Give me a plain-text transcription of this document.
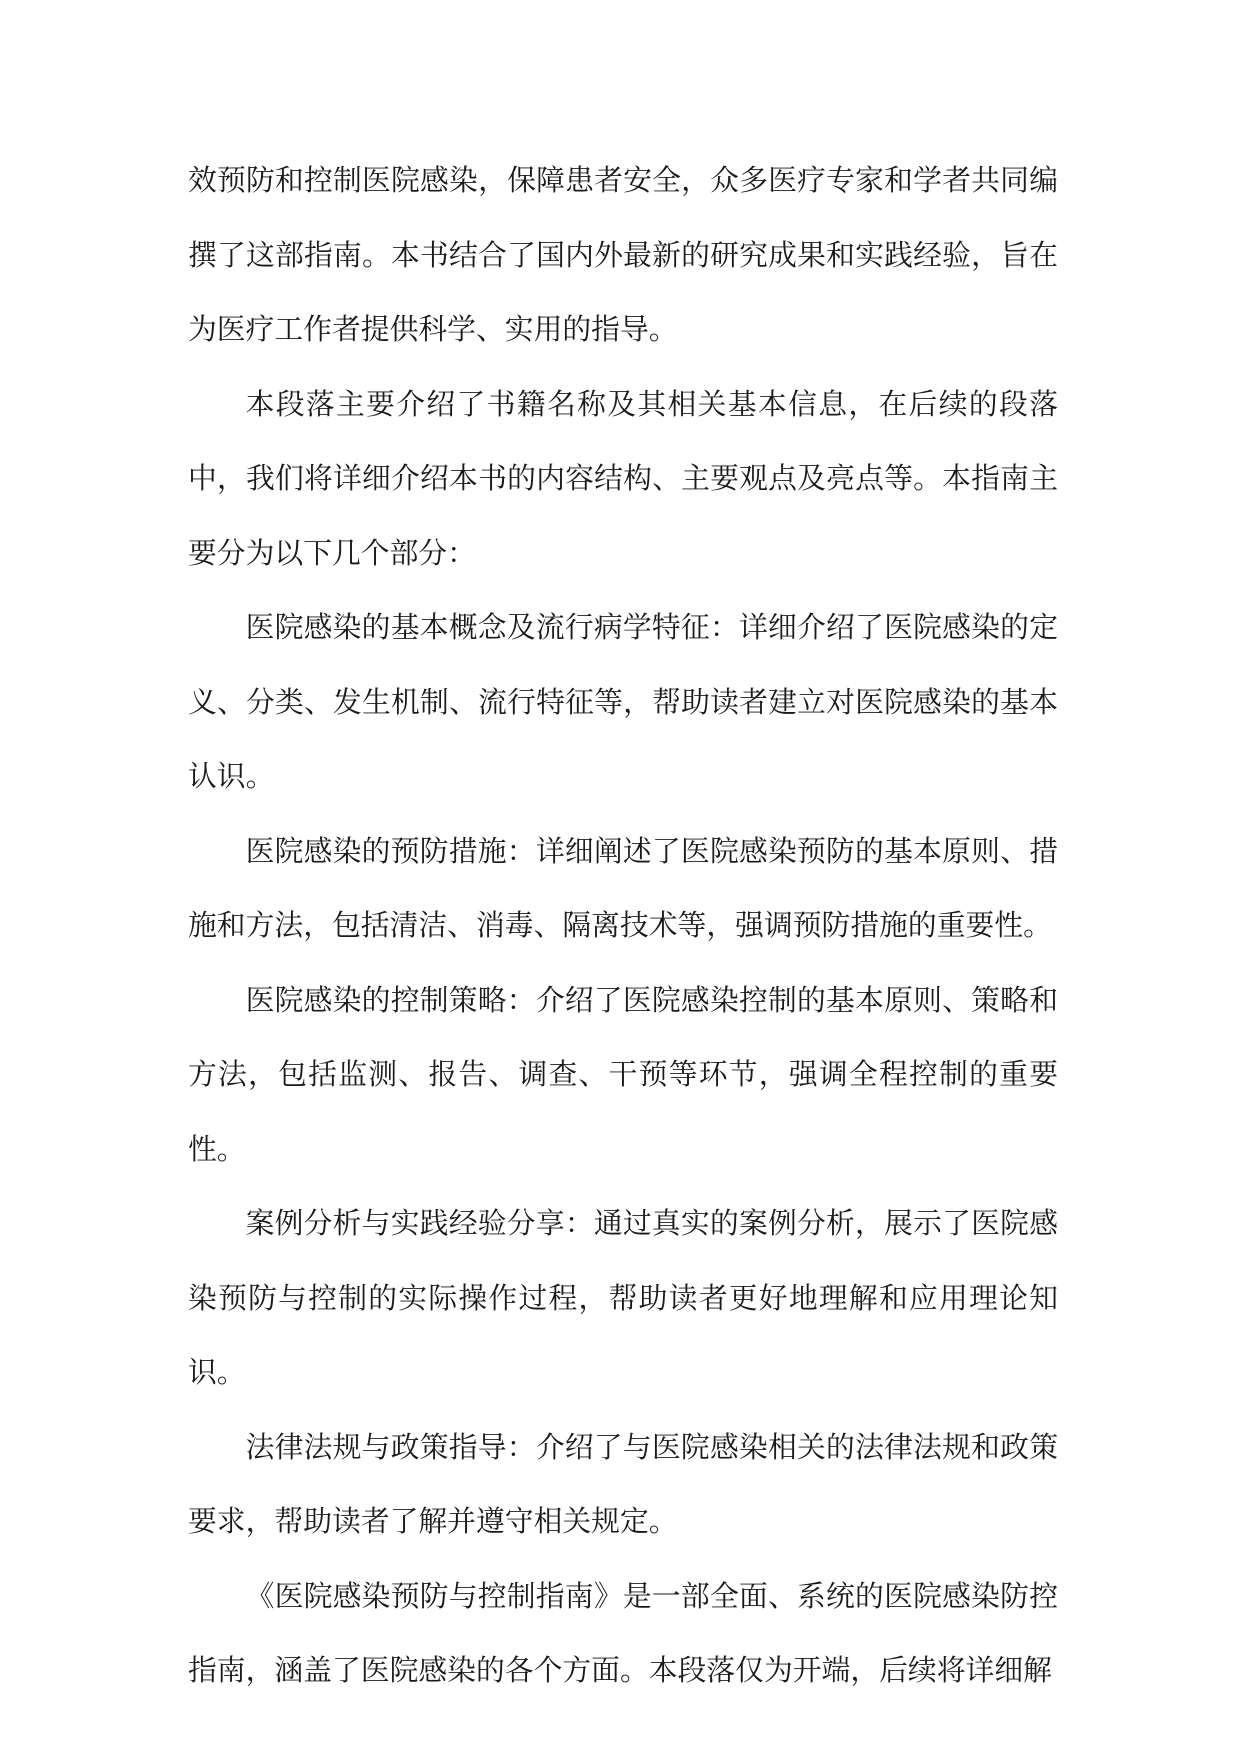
效预防和控制医院感染，保障患者安全，众多医疗专家和学者共同编撰了这部指南。本书结合了国内外最新的研究成果和实践经验，旨在为医疗工作者提供科学、实用的指导。

本段落主要介绍了书籍名称及其相关基本信息，在后续的段落中，我们将详细介绍本书的内容结构、主要观点及亮点等。本指南主要分为以下几个部分：

医院感染的基本概念及流行病学特征：详细介绍了医院感染的定义、分类、发生机制、流行特征等，帮助读者建立对医院感染的基本认识。

医院感染的预防措施：详细阐述了医院感染预防的基本原则、措施和方法，包括清洁、消毒、隔离技术等，强调预防措施的重要性。

医院感染的控制策略：介绍了医院感染控制的基本原则、策略和方法，包括监测、报告、调查、干预等环节，强调全程控制的重要性。

案例分析与实践经验分享：通过真实的案例分析，展示了医院感染预防与控制的实际操作过程，帮助读者更好地理解和应用理论知识。

法律法规与政策指导：介绍了与医院感染相关的法律法规和政策要求，帮助读者了解并遵守相关规定。

《医院感染预防与控制指南》是一部全面、系统的医院感染防控指南，涵盖了医院感染的各个方面。本段落仅为开端，后续将详细解
